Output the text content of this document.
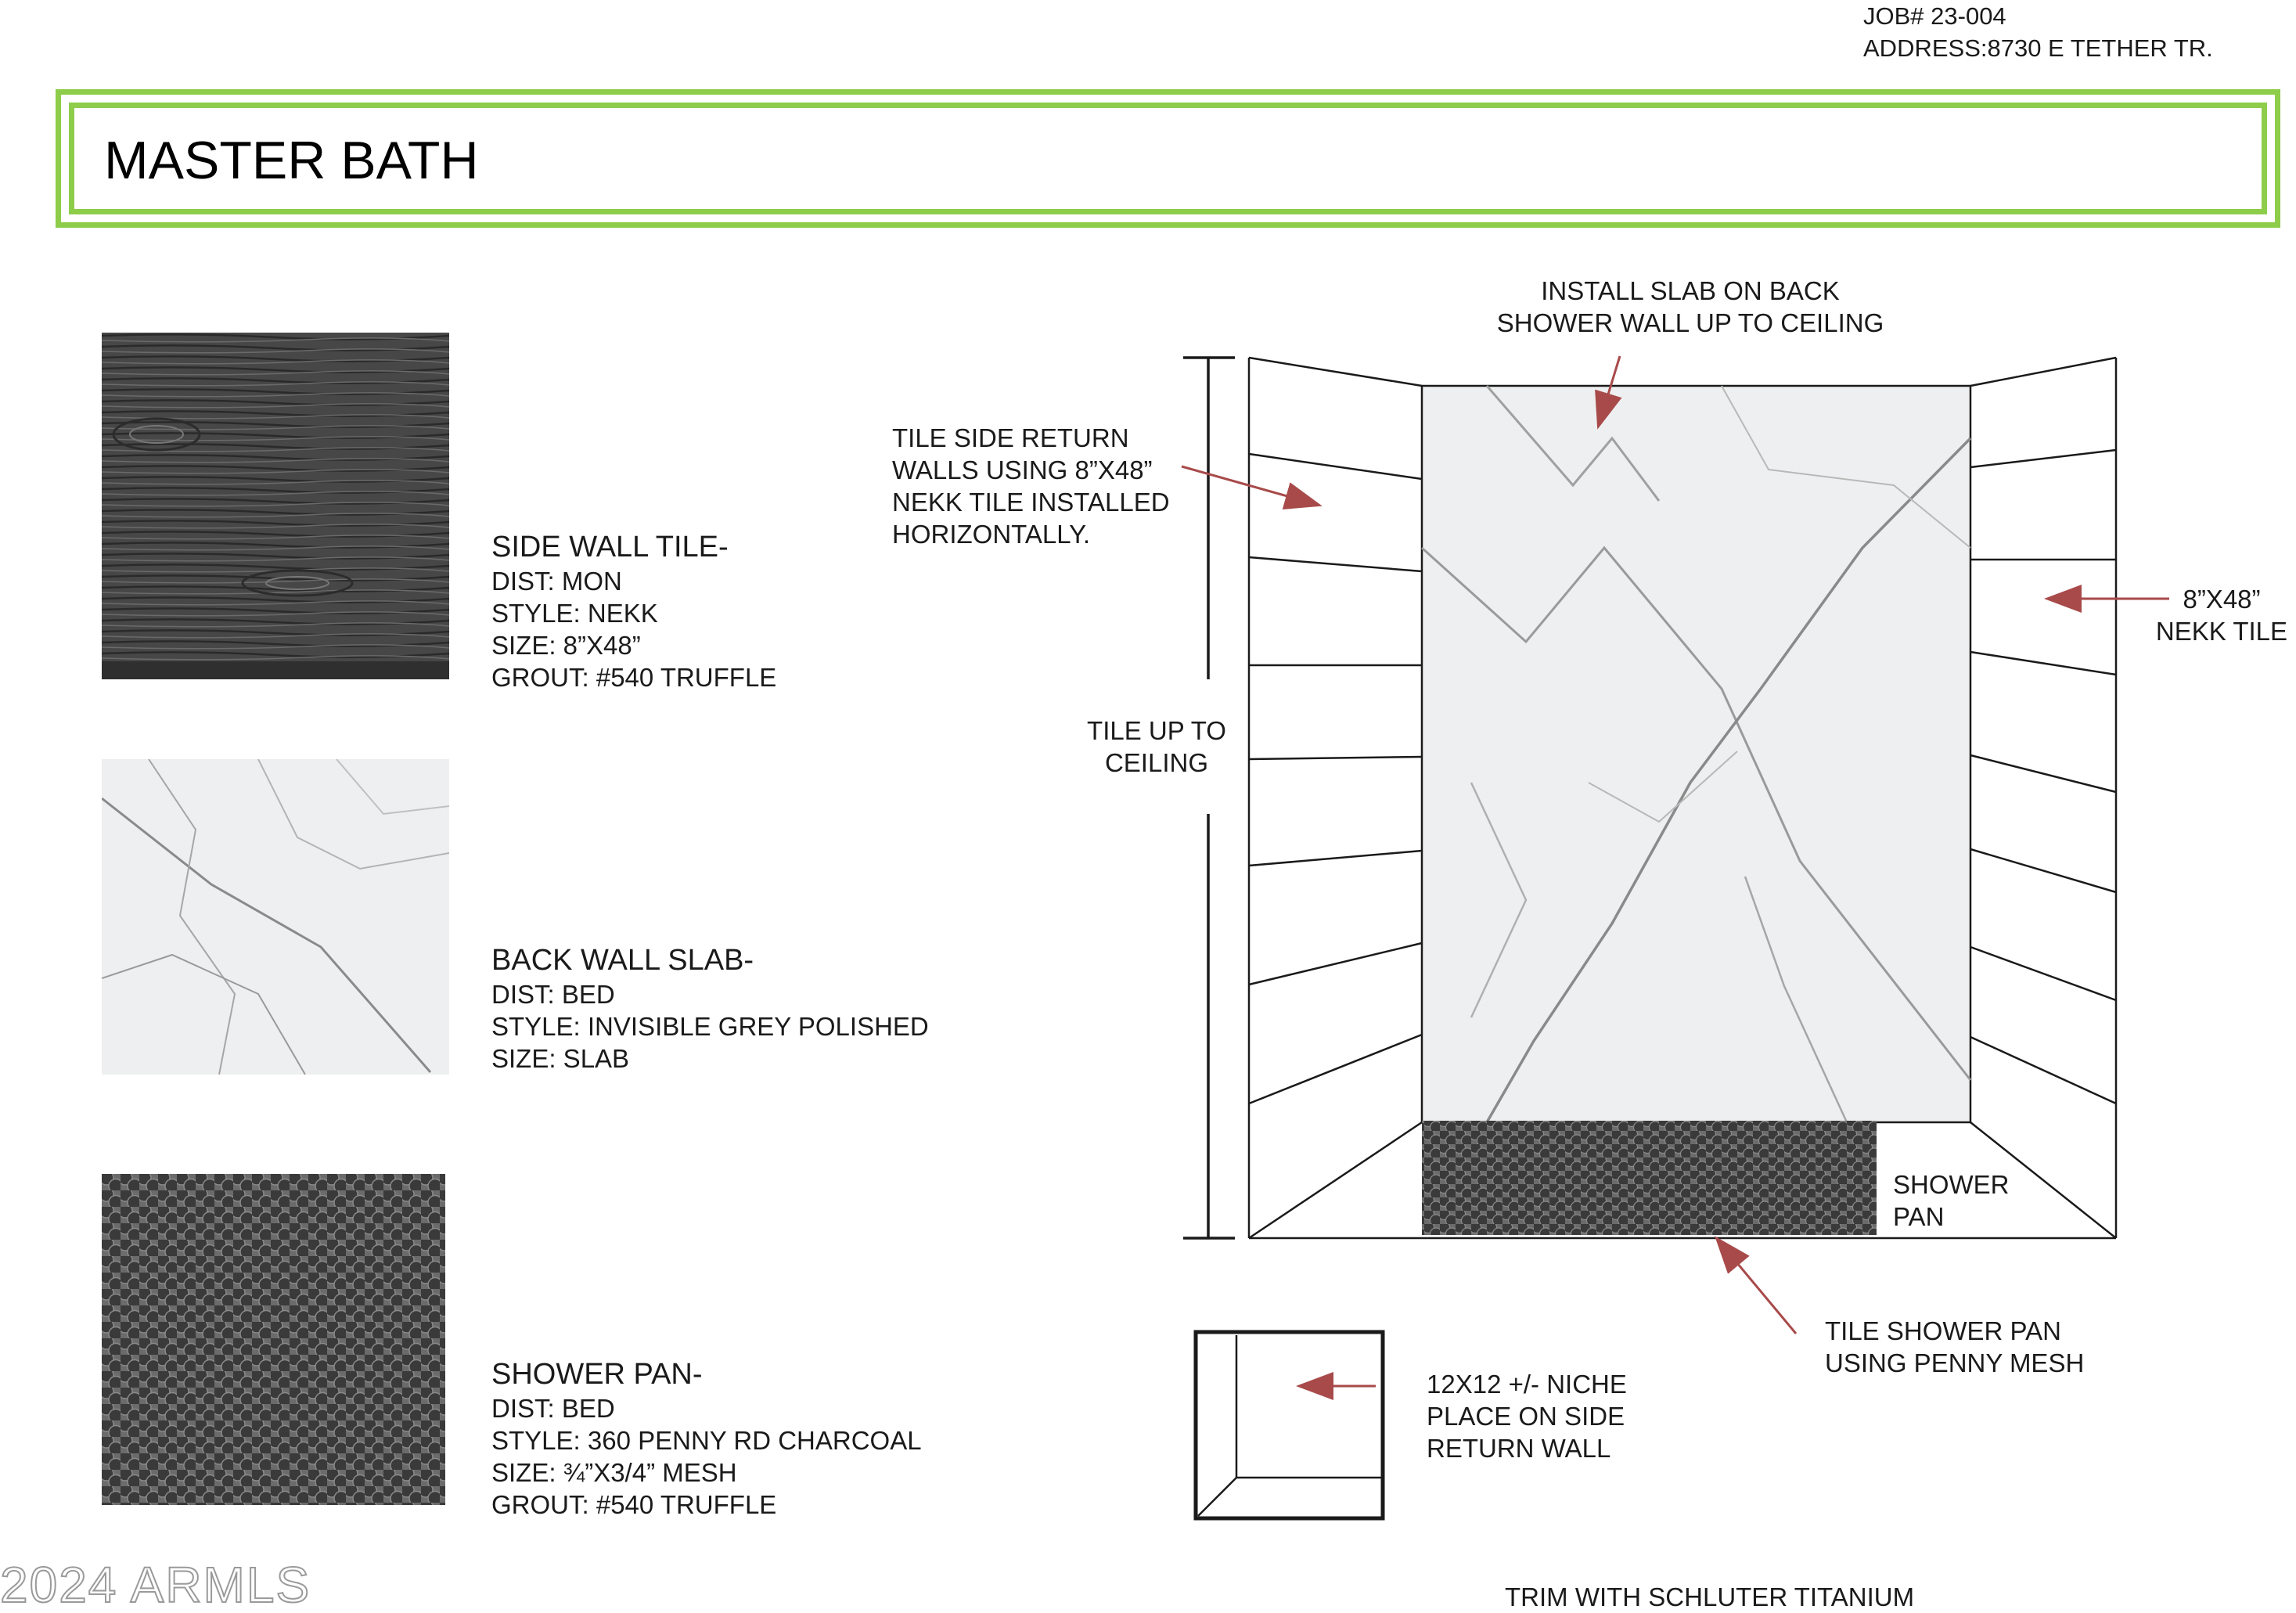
JOB# 23-004
ADDRESS:8730 E TETHER TR.
MASTER BATH
SIDE WALL TILE-
DIST: MON
STYLE: NEKK
SIZE: 8”X48”
GROUT: #540 TRUFFLE
BACK WALL SLAB-
DIST: BED
STYLE: INVISIBLE GREY POLISHED
SIZE: SLAB
SHOWER PAN-
DIST: BED
STYLE: 360 PENNY RD CHARCOAL
SIZE: ¾”X3/4” MESH
GROUT: #540 TRUFFLE
INSTALL SLAB ON BACK
SHOWER WALL UP TO CEILING
TILE SIDE RETURN
WALLS USING 8”X48”
NEKK TILE INSTALLED
HORIZONTALLY.
8”X48”
NEKK TILE
TILE UP TO
CEILING
SHOWER
PAN
TILE SHOWER PAN
USING PENNY MESH
12X12 +/- NICHE
PLACE ON SIDE
RETURN WALL
TRIM WITH SCHLUTER TITANIUM
2024 ARMLS
